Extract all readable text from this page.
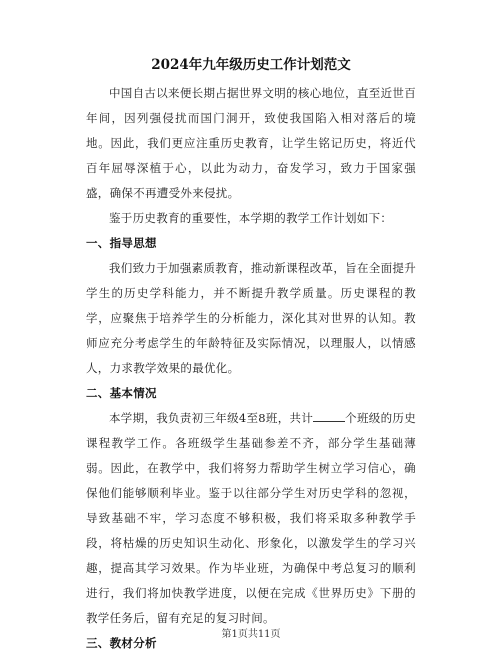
2024年九年级历史工作计划范文

中国自古以来便长期占据世界文明的核心地位，直至近世百年间，因列强侵扰而国门洞开，致使我国陷入相对落后的境地。因此，我们更应注重历史教育，让学生铭记历史，将近代百年屈辱深植于心，以此为动力，奋发学习，致力于国家强盛，确保不再遭受外来侵扰。

鉴于历史教育的重要性，本学期的教学工作计划如下：

一、指导思想

我们致力于加强素质教育，推动新课程改革，旨在全面提升学生的历史学科能力，并不断提升教学质量。历史课程的教学，应聚焦于培养学生的分析能力，深化其对世界的认知。教师应充分考虑学生的年龄特征及实际情况，以理服人，以情感人，力求教学效果的最优化。

二、基本情况

本学期，我负责初三年级4至8班，共计	个班级的历史课程教学工作。各班级学生基础参差不齐，部分学生基础薄弱。因此，在教学中，我们将努力帮助学生树立学习信心，确保他们能够顺利毕业。鉴于以往部分学生对历史学科的忽视，导致基础不牢，学习态度不够积极，我们将采取多种教学手段，将枯燥的历史知识生动化、形象化，以激发学生的学习兴趣，提高其学习效果。作为毕业班，为确保中考总复习的顺利进行，我们将加快教学进度，以便在完成《世界历史》下册的教学任务后，留有充足的复习时间。

三、教材分析

第1页共11页
